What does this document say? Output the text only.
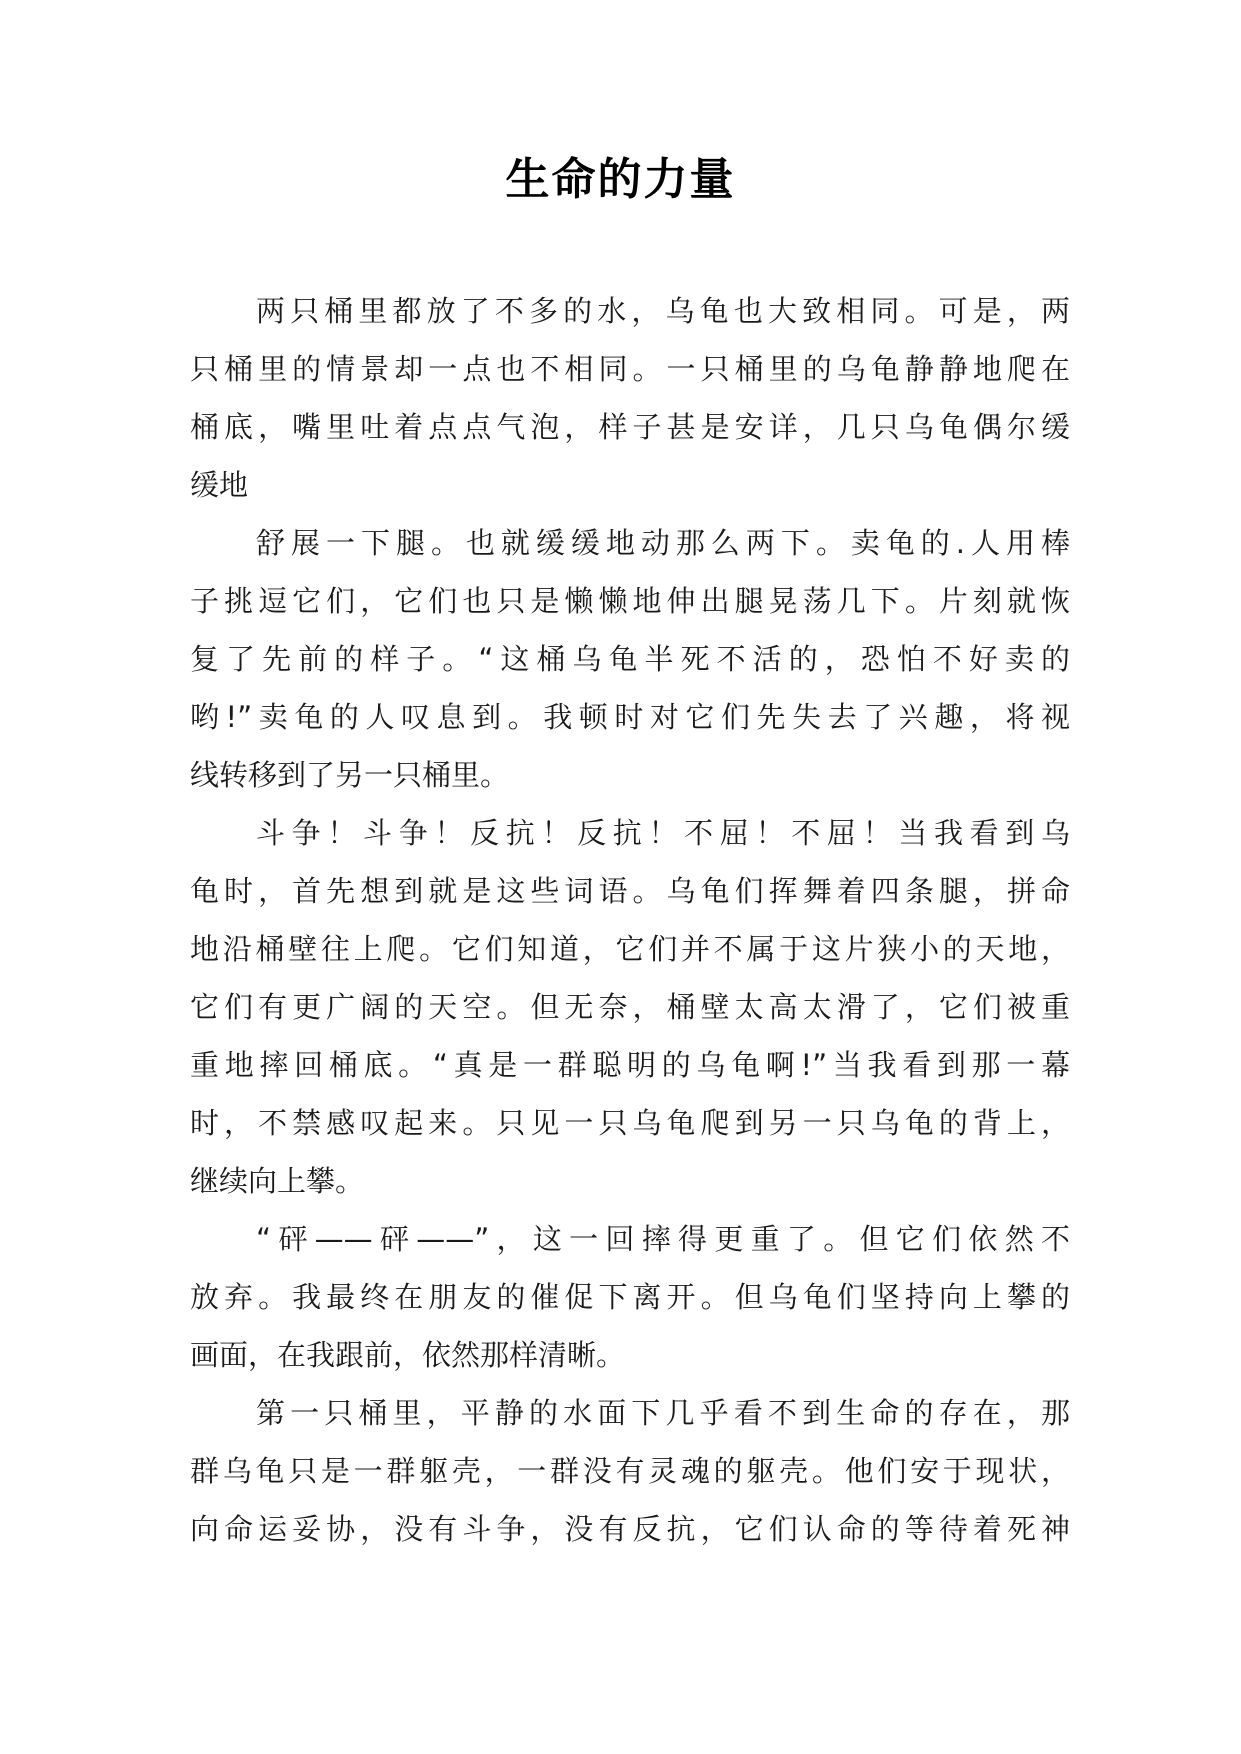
生命的力量
两只桶里都放了不多的水，乌龟也大致相同。可是，两
只桶里的情景却一点也不相同。一只桶里的乌龟静静地爬在
桶底，嘴里吐着点点气泡，样子甚是安详，几只乌龟偶尔缓
缓地
舒展一下腿。也就缓缓地动那么两下。卖龟的.人用棒
子挑逗它们，它们也只是懒懒地伸出腿晃荡几下。片刻就恢
复了先前的样子。“这桶乌龟半死不活的，恐怕不好卖的
哟!”卖龟的人叹息到。我顿时对它们先失去了兴趣，将视
线转移到了另一只桶里。
斗争！斗争！反抗！反抗！不屈！不屈！当我看到乌
龟时，首先想到就是这些词语。乌龟们挥舞着四条腿，拼命
地沿桶壁往上爬。它们知道，它们并不属于这片狭小的天地，
它们有更广阔的天空。但无奈，桶壁太高太滑了，它们被重
重地摔回桶底。“真是一群聪明的乌龟啊!”当我看到那一幕
时，不禁感叹起来。只见一只乌龟爬到另一只乌龟的背上，
继续向上攀。
“砰——砰——”，这一回摔得更重了。但它们依然不
放弃。我最终在朋友的催促下离开。但乌龟们坚持向上攀的
画面，在我跟前，依然那样清晰。
第一只桶里，平静的水面下几乎看不到生命的存在，那
群乌龟只是一群躯壳，一群没有灵魂的躯壳。他们安于现状，
向命运妥协，没有斗争，没有反抗，它们认命的等待着死神
